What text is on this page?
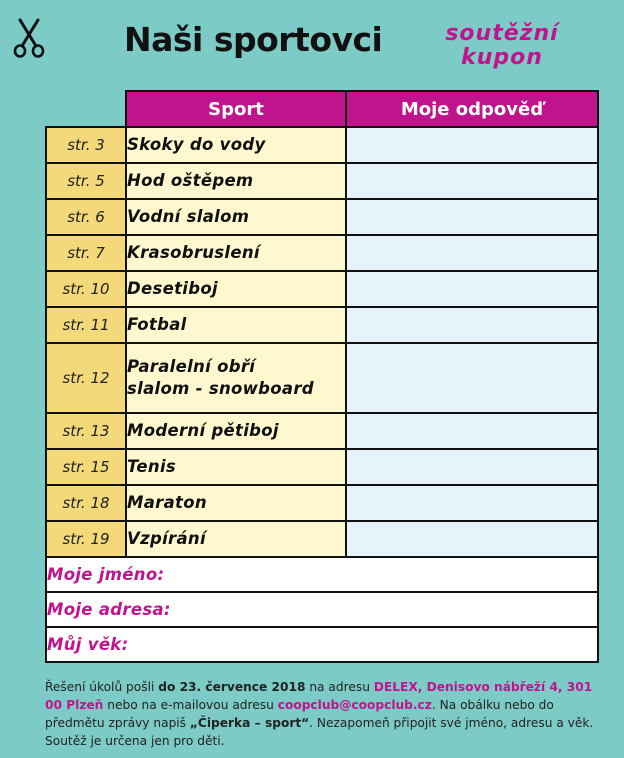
Naši sportovci	soutěžní
kupon
	Sport	Moje odpověď
str. 3	Skoky do vody	
str. 5	Hod oštěpem	
str. 6	Vodní slalom	
str. 7	Krasobruslení	
str. 10	Desetiboj	
str. 11	Fotbal	
str. 12	Paralelní obří
slalom - snowboard	

str. 13	Moderní pětiboj	
str. 15	Tenis	
str. 18	Maraton	
str. 19	Vzpírání	
Moje jméno:		
Moje adresa:		
Můj věk:		
Řešení úkolů pošli do 23. července 2018 na adresu DELEX, Denisovo nábřeží 4, 301 00 Plzeň nebo na e-mailovou adresu coopclub@coopclub.cz. Na obálku nebo do předmětu zprávy napiš „Čiperka – sport“. Nezapomeň připojit své jméno, adresu a věk. Soutěž je určena jen pro děti.
